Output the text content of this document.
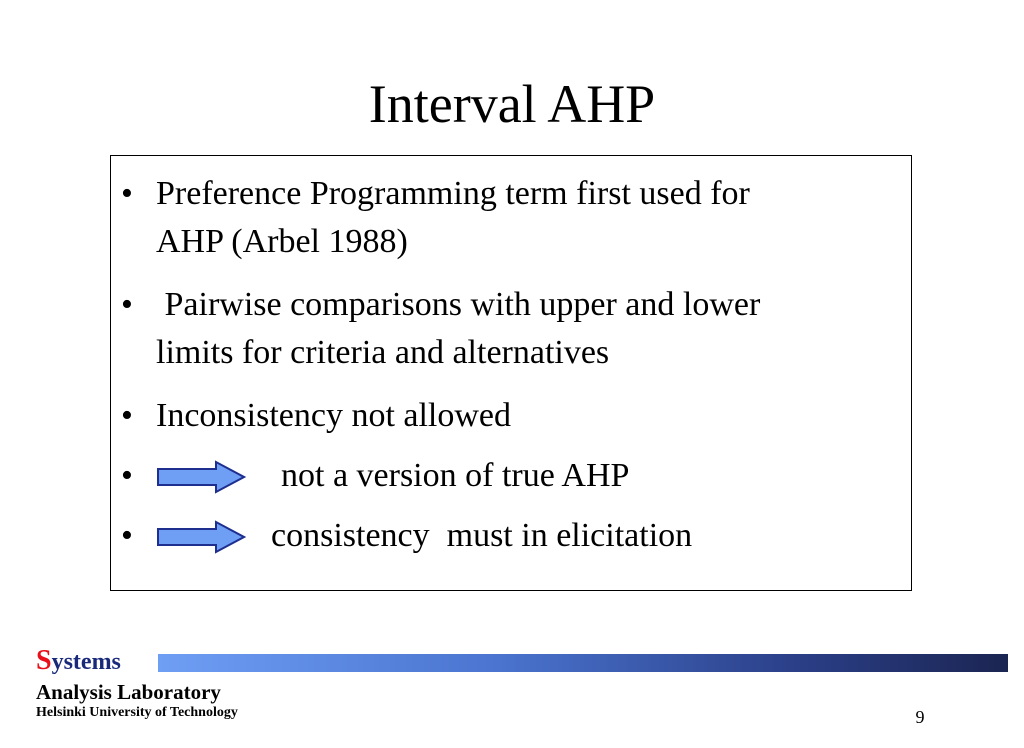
Interval AHP
• Preference Programming term first used for
AHP (Arbel 1988)
• Pairwise comparisons with upper and lower
limits for criteria and alternatives
• Inconsistency not allowed
•	not a version of true AHP
•	consistency  must in elicitation
Systems
Analysis Laboratory
Helsinki University of Technology	9
